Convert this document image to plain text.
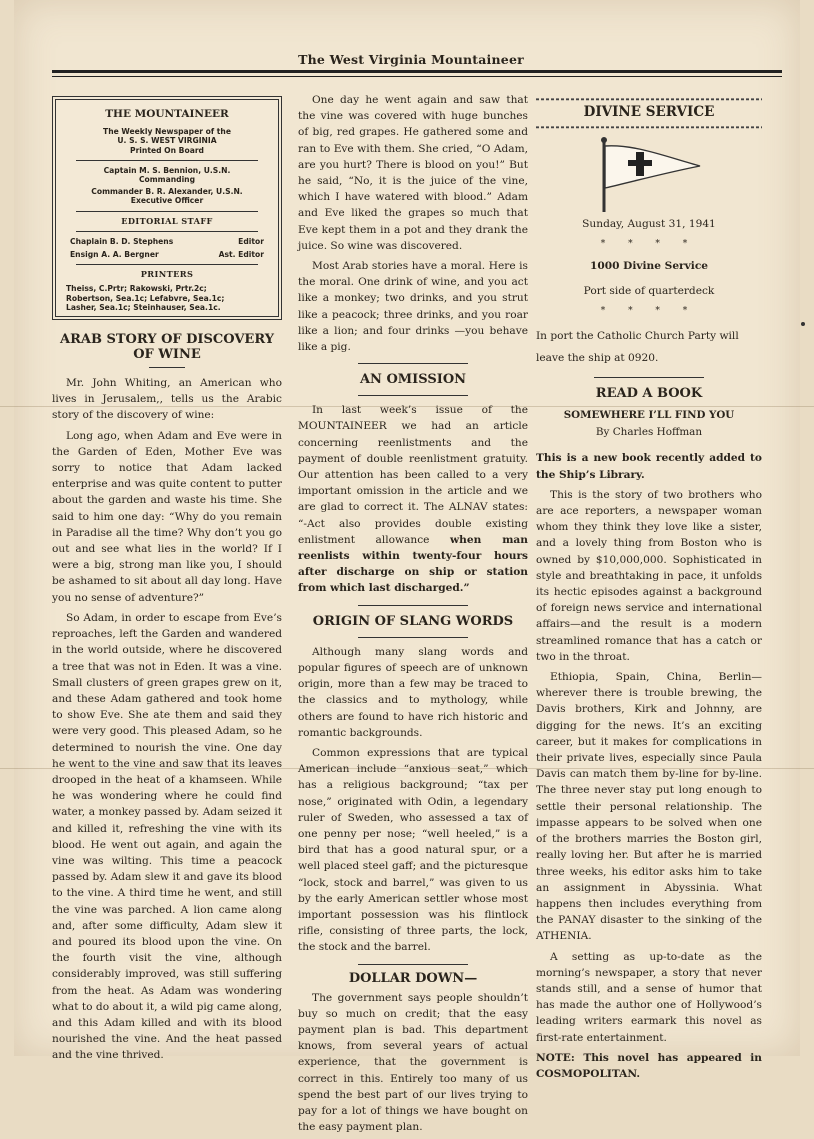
The West Virginia Mountaineer
THE MOUNTAINEER
The Weekly Newspaper of the
U. S. S. WEST VIRGINIA
Printed On Board
Captain M. S. Bennion, U.S.N.
Commanding
Commander B. R. Alexander, U.S.N.
Executive Officer
EDITORIAL STAFF
Chaplain B. D. Stephens	Editor
Ensign A. A. Bergner	Ast. Editor
PRINTERS
Theiss, C.Prtr; Rakowski, Prtr.2c;
Robertson, Sea.1c; Lefabvre, Sea.1c;
Lasher, Sea.1c; Steinhauser, Sea.1c.
ARAB STORY OF DISCOVERY OF WINE

Mr. John Whiting, an American who lives in Jerusalem,, tells us the Arabic story of the discovery of wine:

Long ago, when Adam and Eve were in the Garden of Eden, Mother Eve was sorry to notice that Adam lacked enterprise and was quite content to putter about the garden and waste his time. She said to him one day: “Why do you remain in Paradise all the time? Why don’t you go out and see what lies in the world? If I were a big, strong man like you, I should be ashamed to sit about all day long. Have you no sense of adventure?”

So Adam, in order to escape from Eve’s reproaches, left the Garden and wandered in the world outside, where he discovered a tree that was not in Eden. It was a vine. Small clusters of green grapes grew on it, and these Adam gathered and took home to show Eve. She ate them and said they were very good. This pleased Adam, so he determined to nourish the vine. One day he went to the vine and saw that its leaves drooped in the heat of a khamseen. While he was wondering where he could find water, a monkey passed by. Adam seized it and killed it, refreshing the vine with its blood. He went out again, and again the vine was wilting. This time a peacock passed by. Adam slew it and gave its blood to the vine. A third time he went, and still the vine was parched. A lion came along and, after some difficulty, Adam slew it and poured its blood upon the vine. On the fourth visit the vine, although considerably improved, was still suffering from the heat. As Adam was wondering what to do about it, a wild pig came along, and this Adam killed and with its blood nourished the vine. And the heat passed and the vine thrived.

One day he went again and saw that the vine was covered with huge bunches of big, red grapes. He gathered some and ran to Eve with them. She cried, “O Adam, are you hurt? There is blood on you!” But he said, “No, it is the juice of the vine, which I have watered with blood.” Adam and Eve liked the grapes so much that Eve kept them in a pot and they drank the juice. So wine was discovered.

Most Arab stories have a moral. Here is the moral. One drink of wine, and you act like a monkey; two drinks, and you strut like a peacock; three drinks, and you roar like a lion; and four drinks —you behave like a pig.

AN OMISSION

In last week’s issue of the MOUNTAINEER we had an article concerning reenlistments and the payment of double reenlistment gratuity. Our attention has been called to a very important omission in the article and we are glad to correct it. The ALNAV states: “-Act also provides double existing enlistment allowance when man reenlists within twenty-four hours after discharge on ship or station from which last discharged.”

ORIGIN OF SLANG WORDS

Although many slang words and popular figures of speech are of unknown origin, more than a few may be traced to the classics and to mythology, while others are found to have rich historic and romantic backgrounds.

Common expressions that are typical American include “anxious seat,” which has a religious background; “tax per nose,” originated with Odin, a legendary ruler of Sweden, who assessed a tax of one penny per nose; “well heeled,” is a bird that has a good natural spur, or a well placed steel gaff; and the picturesque “lock, stock and barrel,” was given to us by the early American settler whose most important possession was his flintlock rifle, consisting of three parts, the lock, the stock and the barrel.

DOLLAR DOWN—

The government says people shouldn’t buy so much on credit; that the easy payment plan is bad. This department knows, from several years of actual experience, that the government is correct in this. Entirely too many of us spend the best part of our lives trying to pay for a lot of things we have bought on the easy payment plan.

DIVINE SERVICE

Sunday, August 31, 1941

* * * *

1000 Divine Service

Port side of quarterdeck

* * * *

In port the Catholic Church Party will leave the ship at 0920.

READ A BOOK
SOMEWHERE I’LL FIND YOU
By Charles Hoffman

This is a new book recently added to the Ship’s Library.

This is the story of two brothers who are ace reporters, a newspaper woman whom they think they love like a sister, and a lovely thing from Boston who is owned by $10,000,000. Sophisticated in style and breathtaking in pace, it unfolds its hectic episodes against a background of foreign news service and international affairs—and the result is a modern streamlined romance that has a catch or two in the throat.

Ethiopia, Spain, China, Berlin—wherever there is trouble brewing, the Davis brothers, Kirk and Johnny, are digging for the news. It’s an exciting career, but it makes for complications in their private lives, especially since Paula Davis can match them by-line for by-line. The three never stay put long enough to settle their personal relationship. The impasse appears to be solved when one of the brothers marries the Boston girl, really loving her. But after he is married three weeks, his editor asks him to take an assignment in Abyssinia. What happens then includes everything from the PANAY disaster to the sinking of the ATHENIA.

A setting as up-to-date as the morning’s newspaper, a story that never stands still, and a sense of humor that has made the author one of Hollywood’s leading writers earmark this novel as first-rate entertainment.

NOTE: This novel has appeared in COSMOPOLITAN.
